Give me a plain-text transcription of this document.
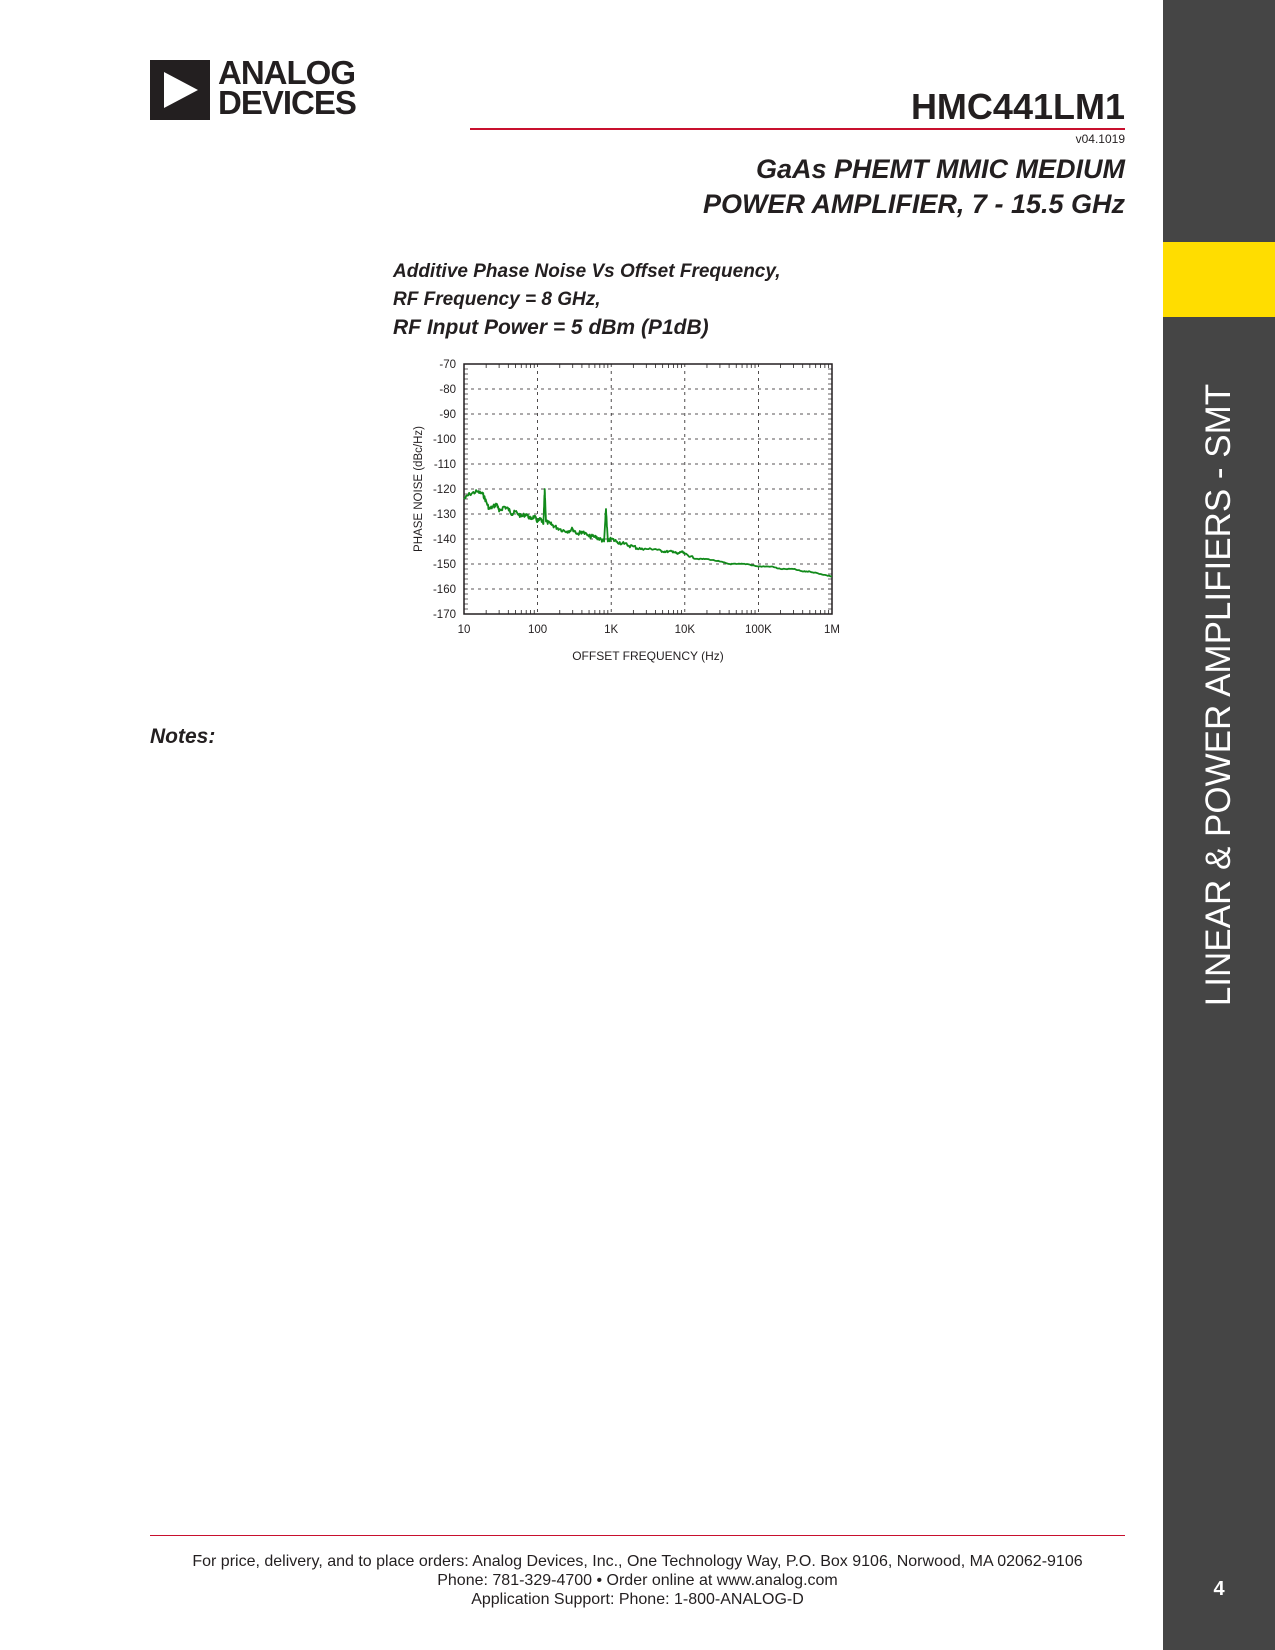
LINEAR & POWER AMPLIFIERS - SMT
4
ANALOG
DEVICES	HMC441LM1
v04.1019
GaAs PHEMT MMIC MEDIUM
POWER AMPLIFIER, 7 - 15.5 GHz
Additive Phase Noise Vs Offset Frequency,
RF Frequency = 8 GHz,
RF Input Power = 5 dBm (P1dB)
-70
-80
-90
-100
-110
-120
-130
-140
-150
-160
-170
10	100	1K	10K	100K	1M
OFFSET FREQUENCY (Hz)
PHASE NOISE (dBc/Hz)
Notes:
For price, delivery, and to place orders: Analog Devices, Inc., One Technology Way, P.O. Box 9106, Norwood, MA 02062-9106
Phone: 781-329-4700 • Order online at www.analog.com
Application Support: Phone: 1-800-ANALOG-D
